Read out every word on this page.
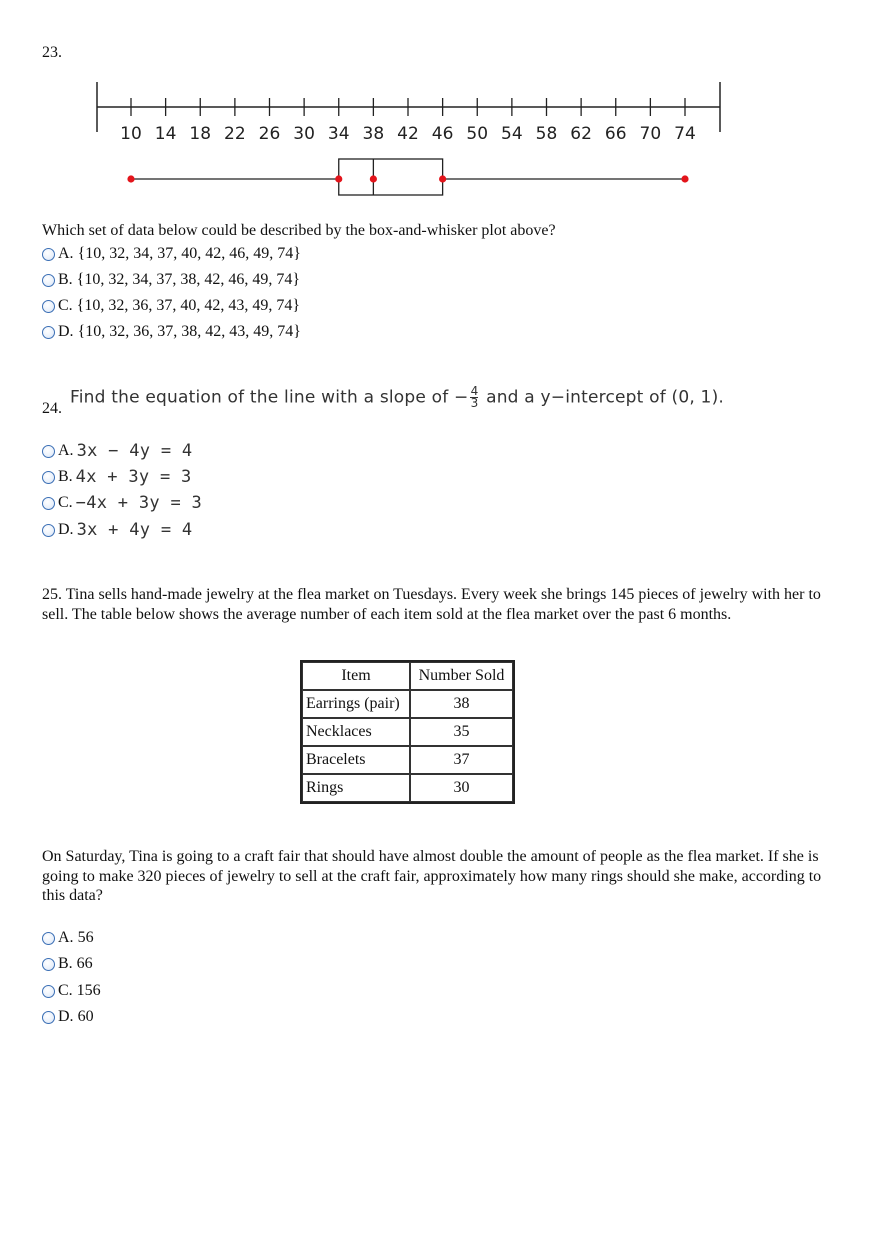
23.
10 14 18 22 26 30 34 38 42 46 50 54 58 62 66 70 74
Which set of data below could be described by the box-and-whisker plot above?
A.
{10, 32, 34, 37, 40, 42, 46, 49, 74}
B.
{10, 32, 34, 37, 38, 42, 46, 49, 74}
C.
{10, 32, 36, 37, 40, 42, 43, 49, 74}
D.
{10, 32, 36, 37, 38, 42, 43, 49, 74}
24.
Find the equation of the line with a slope of − $\frac{4}{3}$ and a y−intercept of (0, 1).
A. 3x − 4y = 4
B. 4x + 3y = 3
C. −4x + 3y = 3
D. 3x + 4y = 4
25. Tina sells hand-made jewelry at the flea market on Tuesdays. Every week she brings 145 pieces of jewelry with her to sell. The table below shows the average number of each item sold at the flea market over the past 6 months.
Item	Number Sold
Earrings (pair)	38
Necklaces	35
Bracelets	37
Rings	30
On Saturday, Tina is going to a craft fair that should have almost double the amount of people as the flea market. If she is going to make 320 pieces of jewelry to sell at the craft fair, approximately how many rings should she make, according to this data?
A.
56
B.
66
C.
156
D.
60
